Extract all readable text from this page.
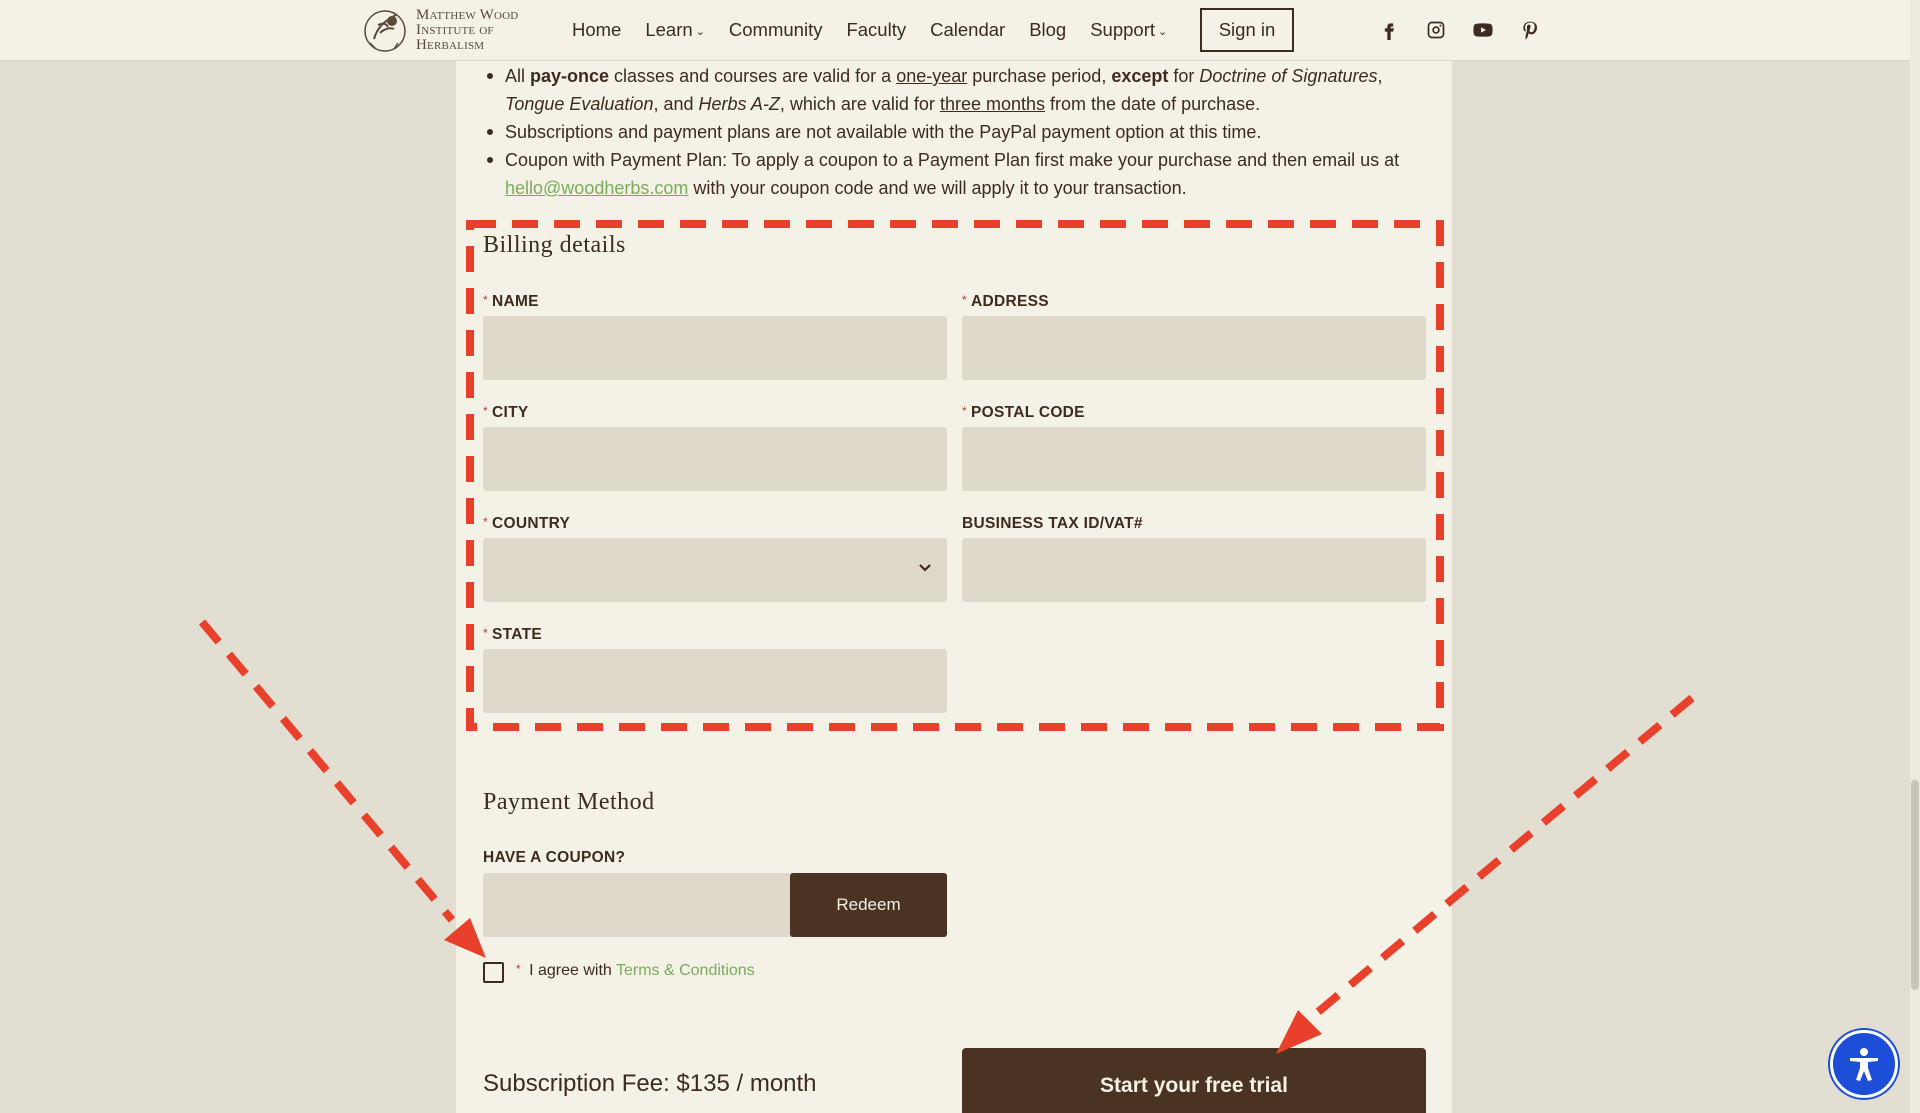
Matthew Wood
Institute of
Herbalism
Home Learn ⌄ Community Faculty Calendar Blog Support ⌄	Sign in
All pay-once classes and courses are valid for a one-year purchase period, except for Doctrine of Signatures, Tongue Evaluation, and Herbs A-Z, which are valid for three months from the date of purchase.
Subscriptions and payment plans are not available with the PayPal payment option at this time.
Coupon with Payment Plan: To apply a coupon to a Payment Plan first make your purchase and then email us at hello@woodherbs.com with your coupon code and we will apply it to your transaction.
Billing details
* NAME	* ADDRESS
* CITY	* POSTAL CODE
* COUNTRY	BUSINESS TAX ID/VAT#
* STATE
Payment Method
HAVE A COUPON?
Redeem
* I agree with Terms & Conditions
Subscription Fee: $135 / month	Start your free trial
